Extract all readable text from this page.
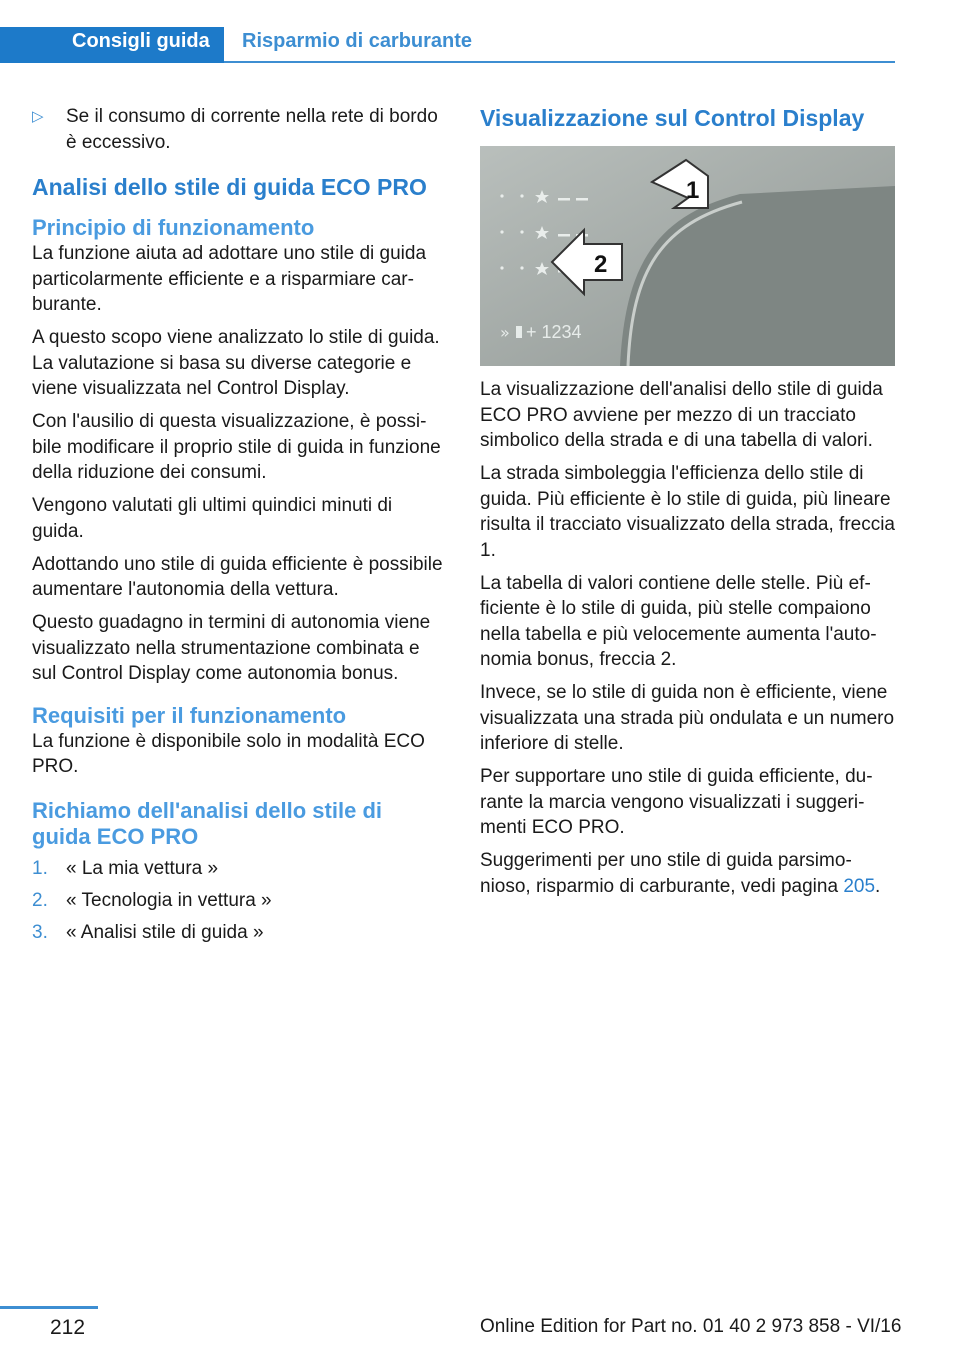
Consigli guida	Risparmio di carburante
▷	Se il consumo di corrente nella rete di bordo è eccessivo.
Analisi dello stile di guida ECO PRO
Principio di funzionamento

La funzione aiuta ad adottare uno stile di guida particolarmente efficiente e a risparmiare carburante.

A questo scopo viene analizzato lo stile di guida. La valutazione si basa su diverse categorie e viene visualizzata nel Control Display.

Con l'ausilio di questa visualizzazione, è possibile modificare il proprio stile di guida in funzione della riduzione dei consumi.

Vengono valutati gli ultimi quindici minuti di guida.

Adottando uno stile di guida efficiente è possibile aumentare l'autonomia della vettura.

Questo guadagno in termini di autonomia viene visualizzato nella strumentazione combinata e sul Control Display come autonomia bonus.

Requisiti per il funzionamento

La funzione è disponibile solo in modalità ECO PRO.

Richiamo dell'analisi dello stile di guida ECO PRO
1. « La mia vettura »
2. « Tecnologia in vettura »
3. « Analisi stile di guida »
Visualizzazione sul Control Display
1
2
» + 1234

La visualizzazione dell'analisi dello stile di guida ECO PRO avviene per mezzo di un tracciato simbolico della strada e di una tabella di valori.

La strada simboleggia l'efficienza dello stile di guida. Più efficiente è lo stile di guida, più lineare risulta il tracciato visualizzato della strada, freccia 1.

La tabella di valori contiene delle stelle. Più efficiente è lo stile di guida, più stelle compaiono nella tabella e più velocemente aumenta l'autonomia bonus, freccia 2.

Invece, se lo stile di guida non è efficiente, viene visualizzata una strada più ondulata e un numero inferiore di stelle.

Per supportare uno stile di guida efficiente, durante la marcia vengono visualizzati i suggerimenti ECO PRO.

Suggerimenti per uno stile di guida parsimonioso, risparmio di carburante, vedi pagina 205.

212	Online Edition for Part no. 01 40 2 973 858 - VI/16
